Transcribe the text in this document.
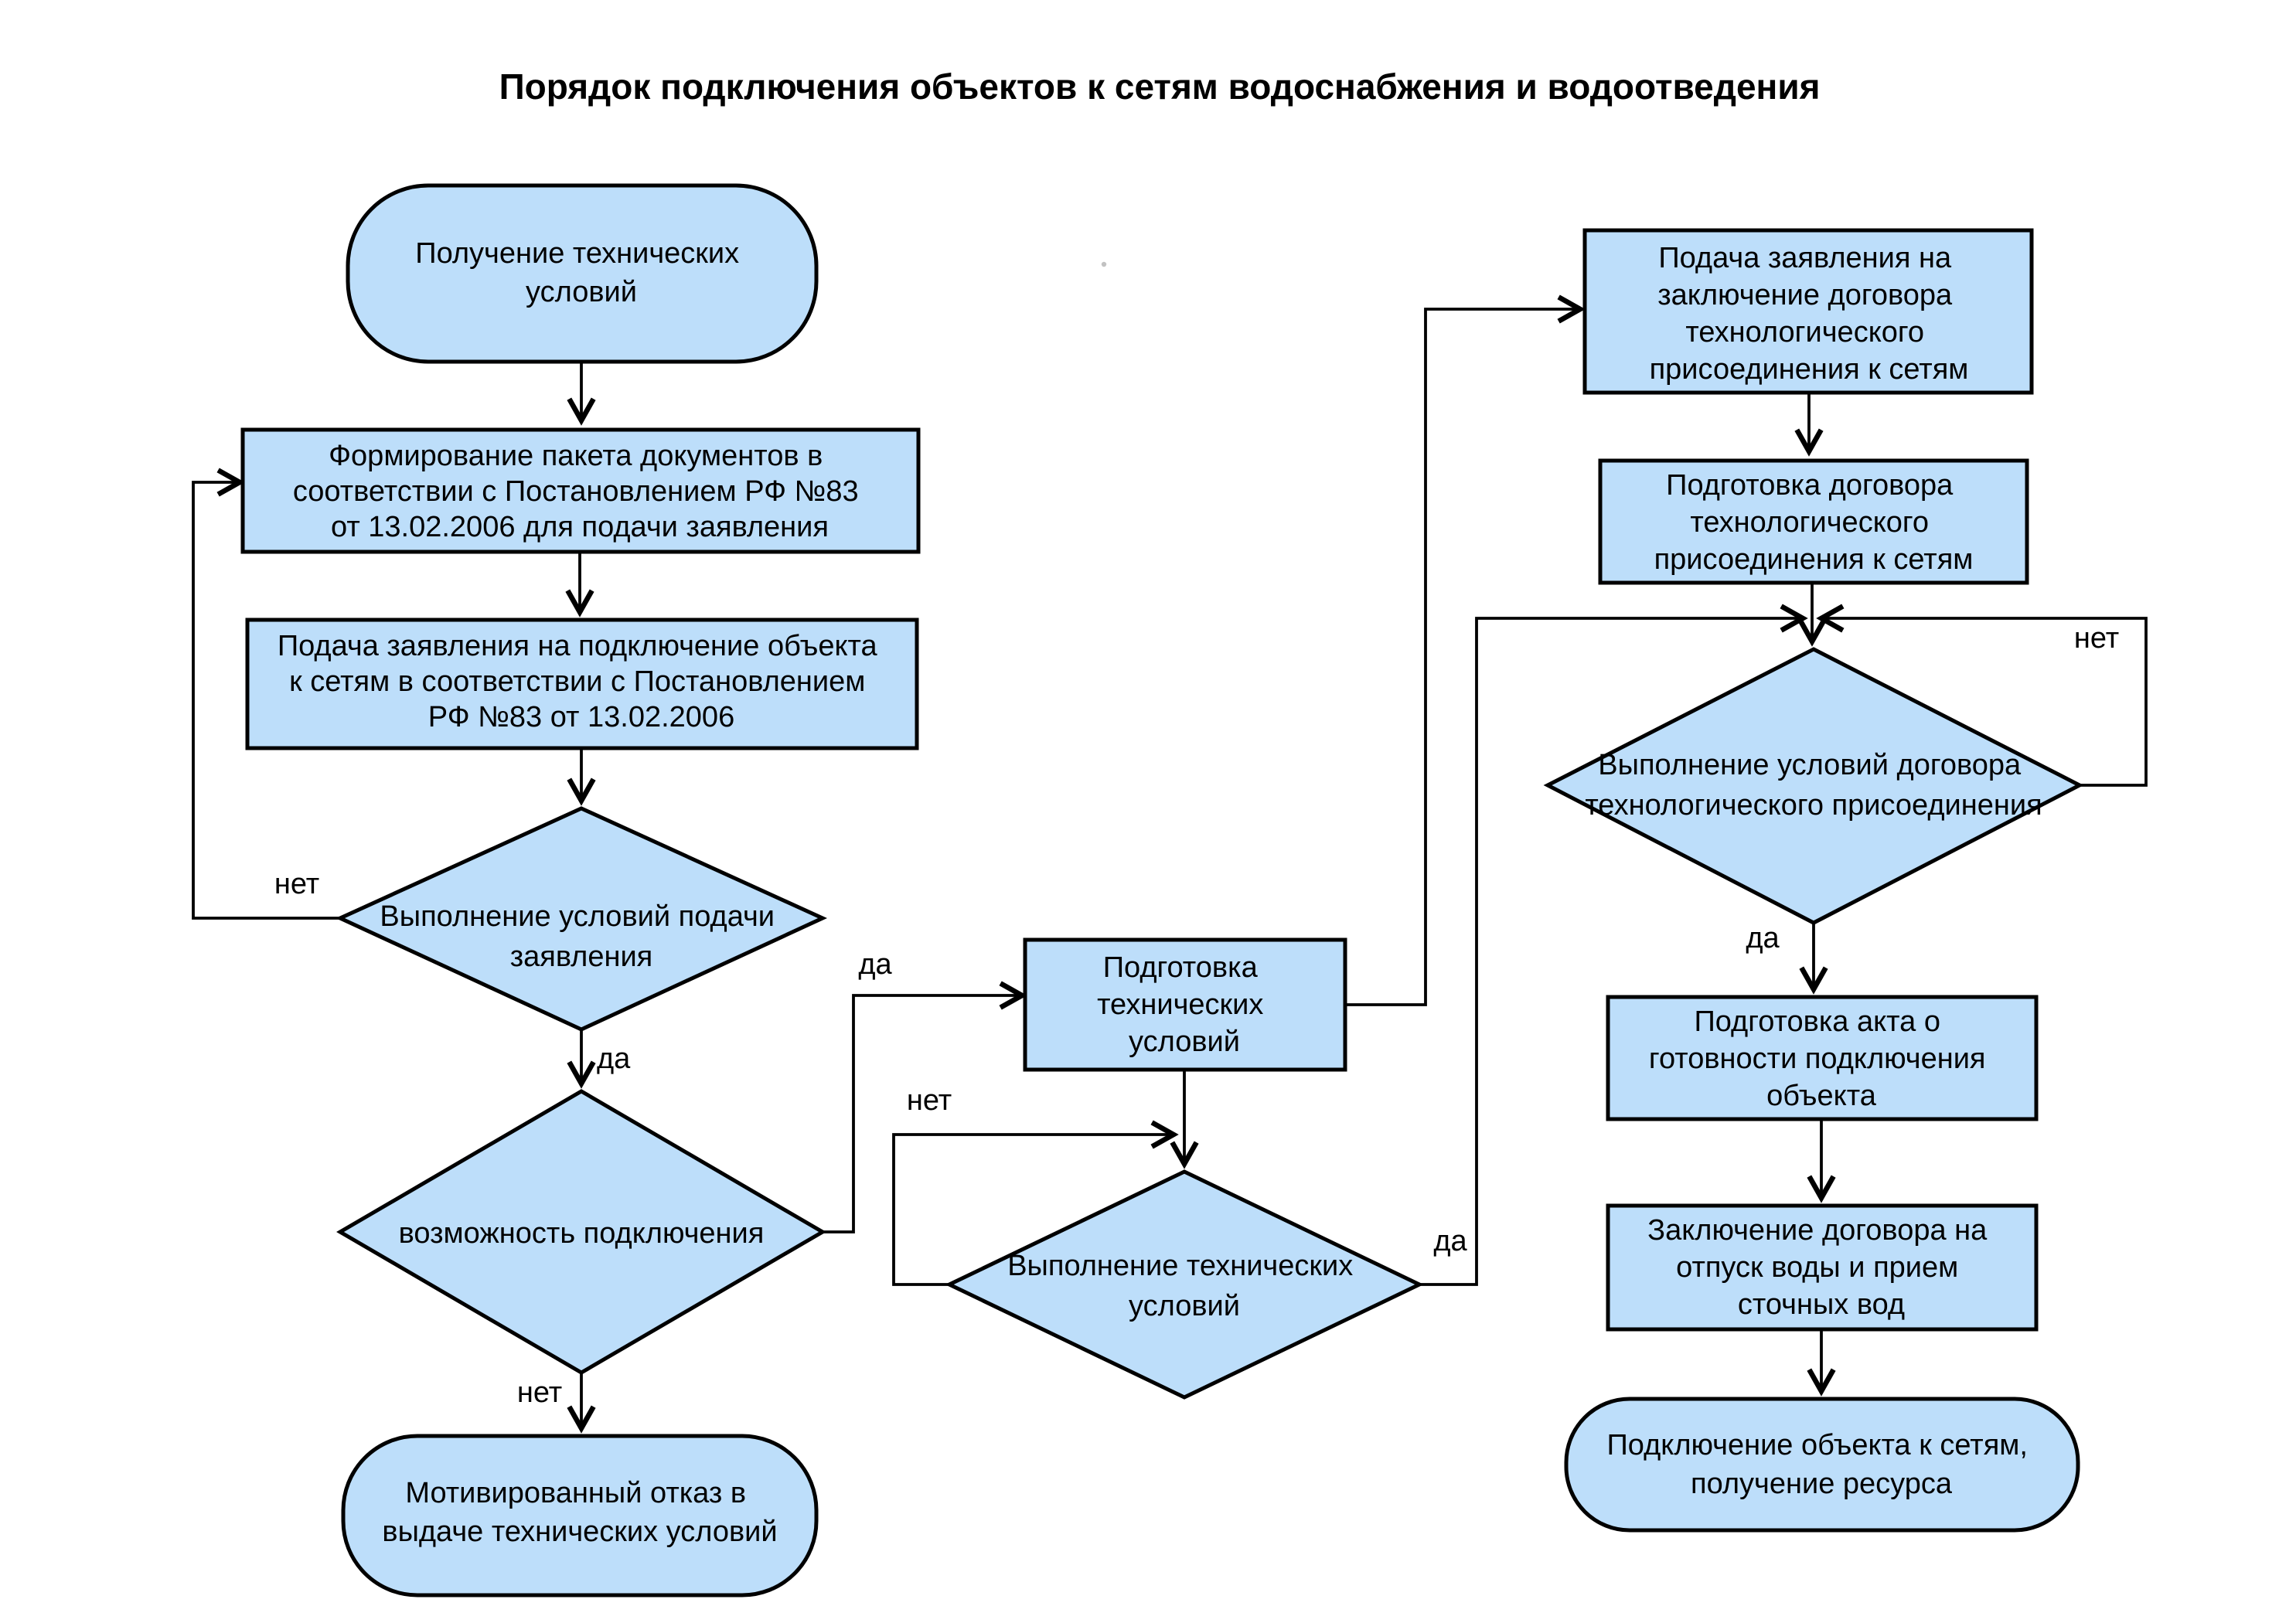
Порядок подключения объектов к сетям водоснабжения и водоотведения
нет
да
нет
да
нет
да
нет
да
Получение технических условий
Формирование пакета документов в соответствии с Постановлением РФ №83 от 13.02.2006 для подачи заявления
Подача заявления на подключение объекта к сетям в соответствии с Постановлением РФ №83 от 13.02.2006
Выполнение условий подачи заявления
возможность подключения
Мотивированный отказ в выдаче технических условий
Подготовка технических условий
Выполнение технических условий
Подача заявления на заключение договора технологического присоединения к сетям
Подготовка договора технологического присоединения к сетям
Выполнение условий договора технологического присоединения
Подготовка акта о готовности подключения объекта
Заключение договора на отпуск воды и прием сточных вод
Подключение объекта к сетям, получение ресурса
